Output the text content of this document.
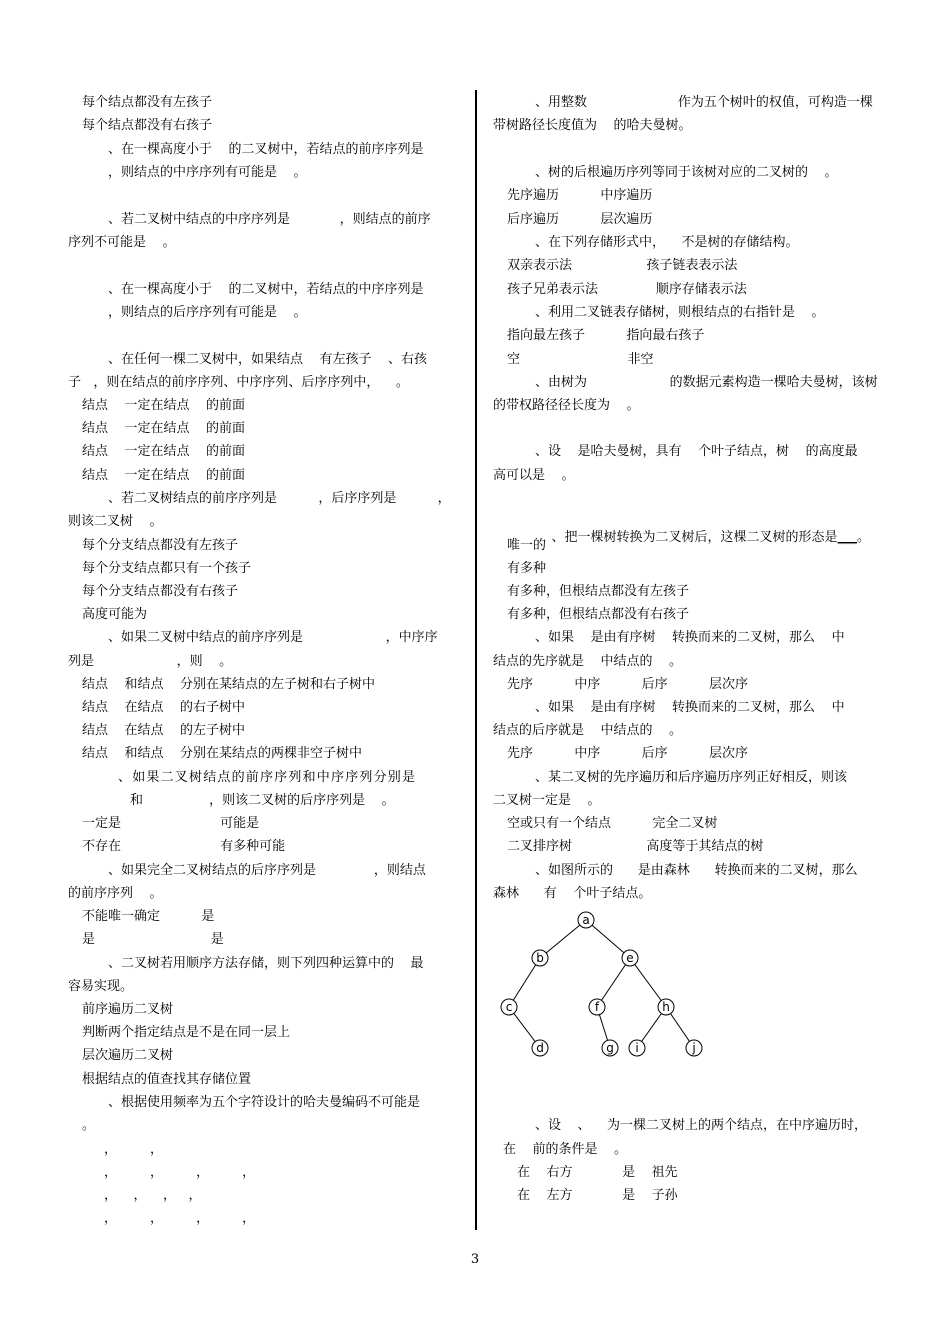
每个结点都没有左孩子
每个结点都没有右孩子
、在一棵高度小于    的二叉树中，若结点的前序序列是
，则结点的中序序列有可能是    。
、若二叉树中结点的中序序列是            ，则结点的前序
序列不可能是    。
、在一棵高度小于    的二叉树中，若结点的中序序列是
，则结点的后序序列有可能是    。
、在任何一棵二叉树中，如果结点    有左孩子    、右孩
子   ，则在结点的前序序列、中序序列、后序序列中，    。
结点    一定在结点    的前面
结点    一定在结点    的前面
结点    一定在结点    的前面
结点    一定在结点    的前面
、若二叉树结点的前序序列是          ，后序序列是          ，
则该二叉树    。
每个分支结点都没有左孩子
每个分支结点都只有一个孩子
每个分支结点都没有右孩子
高度可能为
、如果二叉树中结点的前序序列是                    ，中序序
列是                    ，则    。
结点    和结点    分别在某结点的左子树和右子树中
结点    在结点    的右子树中
结点    在结点    的左子树中
结点    和结点    分别在某结点的两棵非空子树中
、如果二叉树结点的前序序列和中序序列分别是
和                ，则该二叉树的后序序列是    。
一定是                        可能是
不存在                        有多种可能
、如果完全二叉树结点的后序序列是              ，则结点
的前序序列    。
不能唯一确定          是
是                            是
、二叉树若用顺序方法存储，则下列四种运算中的    最
容易实现。
前序遍历二叉树
判断两个指定结点是不是在同一层上
层次遍历二叉树
根据结点的值查找其存储位置
、根据使用频率为五个字符设计的哈夫曼编码不可能是
。
，        ，
，        ，        ，        ，
，    ，    ，   ，
，        ，        ，        ，
、用整数                      作为五个树叶的权值，可构造一棵
带树路径长度值为    的哈夫曼树。
、树的后根遍历序列等同于该树对应的二叉树的    。
先序遍历          中序遍历
后序遍历          层次遍历
、在下列存储形式中，    不是树的存储结构。
双亲表示法                  孩子链表表示法
孩子兄弟表示法              顺序存储表示法
、利用二叉链表存储树，则根结点的右指针是    。
指向最左孩子          指向最右孩子
空                          非空
、由树为                    的数据元素构造一棵哈夫曼树，该树
的带权路径径长度为    。
、设    是哈夫曼树，具有    个叶子结点，树    的高度最
高可以是    。

、把一棵树转换为二叉树后，这棵二叉树的形态是___。

唯一的
有多种
有多种，但根结点都没有左孩子
有多种，但根结点都没有右孩子
、如果    是由有序树    转换而来的二叉树，那么    中
结点的先序就是    中结点的    。
先序          中序          后序          层次序
、如果    是由有序树    转换而来的二叉树，那么    中
结点的后序就是    中结点的    。
先序          中序          后序          层次序
、某二叉树的先序遍历和后序遍历序列正好相反，则该
二叉树一定是    。
空或只有一个结点          完全二叉树
二叉排序树                  高度等于其结点的树
、如图所示的      是由森林      转换而来的二叉树，那么
森林      有    个叶子结点。
、设    、    为一棵二叉树上的两个结点，在中序遍历时，
在    前的条件是    。
在    右方            是    祖先
在    左方            是    子孙
a
b	e
c	f	h
d	g i	j
3
